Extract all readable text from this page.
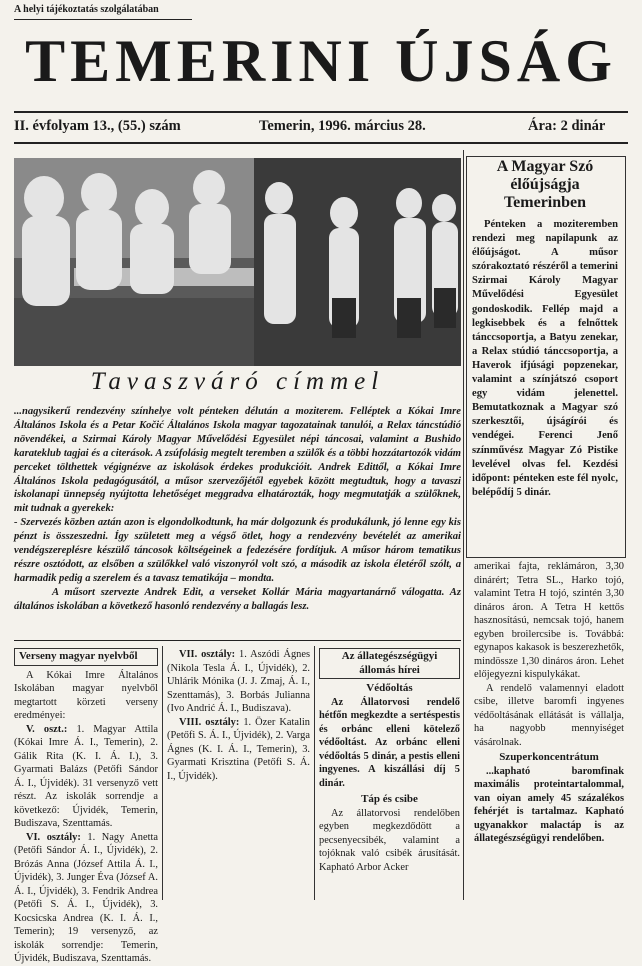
A helyi tájékoztatás szolgálatában
TEMERINI ÚJSÁG
II. évfolyam 13., (55.) szám	Temerin, 1996. március 28.	Ára: 2 dinár
Tavaszváró címmel

...nagysikerű rendezvény színhelye volt pénteken délután a moziterem. Felléptek a Kókai Imre Általános Iskola és a Petar Kočić Általános Iskola magyar tagozatainak tanulói, a Relax táncstúdió növendékei, a Szirmai Károly Magyar Művelődési Egyesület népi táncosai, valamint a Bushido karateklub tagjai és a citerások. A zsúfolásig megtelt teremben a szülők és a többi hozzátartozók vidám perceket tölthettek végignézve az iskolások érdekes produkcióit. Andrek Edittől, a Kókai Imre Általános Iskola pedagógusától, a műsor szervezőjétől egyebek között megtudtuk, hogy a tavaszi iskolanapi ünnepség nyújtotta lehetőséget meggradva elhatározták, hogy megmutatják a szülőknek, mit tudnak a gyerekek:

- Szervezés közben aztán azon is elgondolkodtunk, ha már dolgozunk és produkálunk, jó lenne egy kis pénzt is összeszedni. Így született meg a végső ötlet, hogy a rendezvény bevételét az amerikai vendégszereplésre készülő táncosok költségeinek a fedezésére fordítjuk. A műsor három tematikus részre osztódott, az elsőben a szülőkkel való viszonyról volt szó, a második az iskola életéről szólt, a harmadik pedig a szerelem és a tavasz tematikája – mondta.

A műsort szervezte Andrek Edit, a verseket Kollár Mária magyartanárnő válogatta. Az általános iskolában a következő hasonló rendezvény a ballagás lesz.

A Magyar Szó élőújságja Temerinben

Pénteken a moziteremben rendezi meg napilapunk az élőújságot. A műsor szórakoztató részéről a temerini Szirmai Károly Magyar Művelődési Egyesület gondoskodik. Fellép majd a legkisebbek és a felnőttek tánccsoportja, a Batyu zenekar, a Relax stúdió tánccsoportja, a Haverok ifjúsági popzenekar, valamint a színjátszó csoport egy vidám jelenettel. Bemutatkoznak a Magyar szó szerkesztői, újságírói és vendégei. Ferenci Jenő színművész Magyar Zó Pistike levelével olvas fel. Kezdési időpont: pénteken este fél nyolc, belépődíj 5 dinár.

Verseny magyar nyelvből

A Kókai Imre Általános Iskolában magyar nyelvből megtartott körzeti verseny eredményei:

V. oszt.: 1. Magyar Attila (Kókai Imre Á. I., Temerin), 2. Gálik Rita (K. I. Á. I.), 3. Gyarmati Balázs (Petőfi Sándor Á. I., Újvidék). 31 versenyző vett részt. Az iskolák sorrendje a következő: Újvidék, Temerin, Budiszava, Szenttamás.

VI. osztály: 1. Nagy Anetta (Petőfi Sándor Á. I., Újvidék), 2. Brózás Anna (József Attila Á. I., Újvidék), 3. Junger Éva (József A. Á. I., Újvidék), 3. Fendrik Andrea (Petőfi S. Á. I., Újvidék), 3. Kocsicska Andrea (K. I. Á. I., Temerin); 19 versenyző, az iskolák sorrendje: Temerin, Újvidék, Budiszava, Szenttamás.

VII. osztály: 1. Aszódi Ágnes (Nikola Tesla Á. I., Újvidék), 2. Uhlárik Mónika (J. J. Zmaj, Á. I., Szenttamás), 3. Borbás Julianna (Ivo Andrić Á. I., Budiszava).

VIII. osztály: 1. Özer Katalin (Petőfi S. Á. I., Újvidék), 2. Varga Ágnes (K. I. Á. I., Temerin), 3. Gyarmati Krisztina (Petőfi S. Á. I., Újvidék).

Az állategészségügyi állomás hírei

Védőoltás

Az Állatorvosi rendelő hétfőn megkezdte a sertéspestis és orbánc elleni kötelező védőoltást. Az orbánc elleni védőoltás 5 dinár, a pestis elleni ingyenes. A kiszállási díj 5 dinár.

Táp és csibe

Az állatorvosi rendelőben egyben megkezdődött a pecsenyecsibék, valamint a tojóknak való csibék árusítását. Kapható Arbor Acker

amerikai fajta, reklámáron, 3,30 dinárért; Tetra SL., Harko tojó, valamint Tetra H tojó, szintén 3,30 dináros áron. A Tetra H kettős hasznosítású, nemcsak tojó, hanem egyben broilercsibe is. Továbbá: egynapos kakasok is beszerezhetők, mindössze 1,30 dináros áron. Lehet előjegyezni kispulykákat.

A rendelő valamennyi eladott csibe, illetve baromfi ingyenes védőoltásának ellátását is vállalja, ha nagyobb mennyiséget vásárolnak.

Szuperkoncentrátum

...kapható baromfinak maximális proteintartalommal, van oiyan amely 45 százalékos fehérjét is tartalmaz. Kapható ugyanakkor malactáp is az állategészségügyi rendelőben.
